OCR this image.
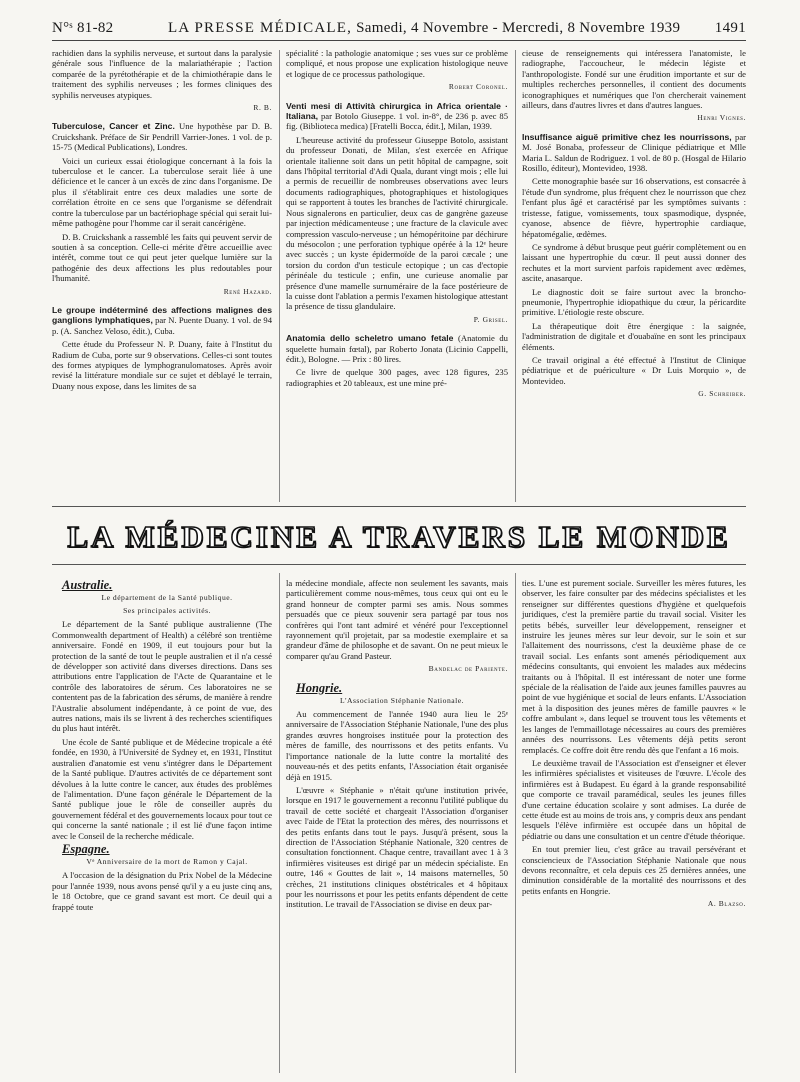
N°ˢ 81-82	LA PRESSE MÉDICALE, Samedi, 4 Novembre - Mercredi, 8 Novembre 1939 1491

rachidien dans la syphilis nerveuse, et surtout dans la paralysie générale sous l'influence de la malariathérapie ; l'action comparée de la pyrétothérapie et de la chimiothérapie dans le traitement des syphilis nerveuses ; les formes cliniques des syphilis nerveuses atypiques.

R. B.

Tuberculose, Cancer et Zinc. Une hypothèse par D. B. Cruickshank. Préface de Sir Pendrill Varrier-Jones. 1 vol. de p. 15-75 (Medical Publications), Londres.

Voici un curieux essai étiologique concernant à la fois la tuberculose et le cancer. La tuberculose serait liée à une déficience et le cancer à un excès de zinc dans l'organisme. De plus il s'établirait entre ces deux maladies une sorte de corrélation étroite en ce sens que l'organisme se défendrait contre la tuberculose par un bactériophage spécial qui serait lui-même pathogène pour l'homme car il serait cancérigène.

D. B. Cruickshank a rassemblé les faits qui peuvent servir de soutien à sa conception. Celle-ci mérite d'être accueillie avec intérêt, comme tout ce qui peut jeter quelque lumière sur la pathogénie des deux affections les plus redoutables pour l'humanité.

René Hazard.

Le groupe indéterminé des affections malignes des ganglions lymphatiques, par N. Puente Duany. 1 vol. de 94 p. (A. Sanchez Veloso, édit.), Cuba.

Cette étude du Professeur N. P. Duany, faite à l'Institut du Radium de Cuba, porte sur 9 observations. Celles-ci sont toutes des formes atypiques de lymphogranulomatoses. Après avoir revisé la littérature mondiale sur ce sujet et déblayé le terrain, Duany nous expose, dans les limites de sa

spécialité : la pathologie anatomique ; ses vues sur ce problème compliqué, et nous propose une explication histologique neuve et logique de ce processus pathologique.

Robert Coronel.

Venti mesi di Attività chirurgica in Africa orientale · Italiana, par Botolo Giuseppe. 1 vol. in-8°, de 236 p. avec 85 fig. (Biblioteca medica) [Fratelli Bocca, édit.], Milan, 1939.

L'heureuse activité du professeur Giuseppe Botolo, assistant du professeur Donati, de Milan, s'est exercée en Afrique orientale italienne soit dans un petit hôpital de campagne, soit dans l'hôpital territorial d'Adi Quala, durant vingt mois ; elle lui a permis de recueillir de nombreuses observations avec leurs documents radiographiques, photographiques et histologiques qui se rapportent à toutes les branches de l'activité chirurgicale. Nous signalerons en particulier, deux cas de gangrène gazeuse par injection médicamenteuse ; une fracture de la clavicule avec compression vasculo-nerveuse ; un hémopéritoine par déchirure du mésocolon ; une perforation typhique opérée à la 12ᵉ heure avec succès ; un kyste épidermoïde de la paroi cæcale ; une torsion du cordon d'un testicule ectopique ; un cas d'ectopie périnéale du testicule ; enfin, une curieuse anomalie par présence d'une mamelle surnuméraire de la face postérieure de la cuisse dont l'ablation a permis l'examen histologique attestant la présence de tissu glandulaire.

P. Grisel.

Anatomia dello scheletro umano fetale (Anatomie du squelette humain fœtal), par Roberto Jonata (Licinio Cappelli, édit.), Bologne. — Prix : 80 lires.

Ce livre de quelque 300 pages, avec 128 figures, 235 radiographies et 20 tableaux, est une mine pré-

cieuse de renseignements qui intéressera l'anatomiste, le radiographe, l'accoucheur, le médecin légiste et l'anthropologiste. Fondé sur une érudition importante et sur de multiples recherches personnelles, il contient des documents iconographiques et numériques que l'on chercherait vainement ailleurs, dans d'autres livres et dans d'autres langues.

Henri Vignes.

Insuffisance aiguë primitive chez les nourrissons, par M. José Bonaba, professeur de Clinique pédiatrique et Mlle Maria L. Saldun de Rodriguez. 1 vol. de 80 p. (Hosgal de Hilario Rosillo, éditeur), Montevideo, 1938.

Cette monographie basée sur 16 observations, est consacrée à l'étude d'un syndrome, plus fréquent chez le nourrisson que chez l'enfant plus âgé et caractérisé par les symptômes suivants : tristesse, fatigue, vomissements, toux spasmodique, dyspnée, cyanose, absence de fièvre, hypertrophie cardiaque, hépatomégalie, œdèmes.

Ce syndrome à début brusque peut guérir complètement ou en laissant une hypertrophie du cœur. Il peut aussi donner des rechutes et la mort survient parfois rapidement avec œdèmes, ascite, anasarque.

Le diagnostic doit se faire surtout avec la broncho-pneumonie, l'hypertrophie idiopathique du cœur, la péricardite primitive. L'étiologie reste obscure.

La thérapeutique doit être énergique : la saignée, l'administration de digitale et d'ouabaïne en sont les principaux éléments.

Ce travail original a été effectué à l'Institut de Clinique pédiatrique et de puériculture « Dr Luis Morquio », de Montevideo.

G. Schreiber.

LA MÉDECINE A TRAVERS LE MONDE

Australie.

Le département de la Santé publique.

Ses principales activités.

Le département de la Santé publique australienne (The Commonwealth department of Health) a célébré son trentième anniversaire. Fondé en 1909, il eut toujours pour but la protection de la santé de tout le peuple australien et il n'a cessé de développer son activité dans diverses directions. Dans ses attributions entre l'application de l'Acte de Quarantaine et le contrôle des laboratoires de sérum. Ces laboratoires ne se contentent pas de la fabrication des sérums, de manière à rendre l'Australie absolument indépendante, à ce point de vue, des autres nations, mais ils se livrent à des recherches scientifiques du plus haut intérêt.

Une école de Santé publique et de Médecine tropicale a été fondée, en 1930, à l'Université de Sydney et, en 1931, l'Institut australien d'anatomie est venu s'intégrer dans le Département de la Santé publique. D'autres activités de ce département sont dévolues à la lutte contre le cancer, aux études des problèmes de l'alimentation. D'une façon générale le Département de la Santé publique joue le rôle de conseiller auprès du gouvernement fédéral et des gouvernements locaux pour tout ce qui concerne la santé nationale ; il est lié d'une façon intime avec le Conseil de la recherche médicale.

Espagne.

Vᵉ Anniversaire de la mort de Ramon y Cajal.

A l'occasion de la désignation du Prix Nobel de la Médecine pour l'année 1939, nous avons pensé qu'il y a eu juste cinq ans, le 18 Octobre, que ce grand savant est mort. Ce deuil qui a frappé toute

la médecine mondiale, affecte non seulement les savants, mais particulièrement comme nous-mêmes, tous ceux qui ont eu le grand honneur de compter parmi ses amis. Nous sommes persuadés que ce pieux souvenir sera partagé par tous nos confrères qui l'ont tant admiré et vénéré pour l'exceptionnel rayonnement qu'il projetait, par sa modestie exemplaire et sa grandeur d'âme de philosophe et de savant. On ne peut mieux le comparer qu'au Grand Pasteur.

Bandelac de Pariente.

Hongrie.

L'Association Stéphanie Nationale.

Au commencement de l'année 1940 aura lieu le 25ᵉ anniversaire de l'Association Stéphanie Nationale, l'une des plus grandes œuvres hongroises instituée pour la protection des mères de famille, des nourrissons et des petits enfants. Vu l'importance nationale de la lutte contre la mortalité des nouveau-nés et des petits enfants, l'Association était organisée déjà en 1915.

L'œuvre « Stéphanie » n'était qu'une institution privée, lorsque en 1917 le gouvernement a reconnu l'utilité publique du travail de cette société et chargeait l'Association d'organiser avec l'aide de l'Etat la protection des mères, des nourrissons et des petits enfants dans tout le pays. Jusqu'à présent, sous la direction de l'Association Stéphanie Nationale, 320 centres de consultation fonctionnent. Chaque centre, travaillant avec 1 à 3 infirmières visiteuses est dirigé par un médecin spécialiste. En outre, 146 « Gouttes de lait », 14 maisons maternelles, 50 crèches, 21 institutions cliniques obstétricales et 4 hôpitaux pour les nourrissons et pour les petits enfants dépendent de cette institution. Le travail de l'Association se divise en deux par-

ties. L'une est purement sociale. Surveiller les mères futures, les observer, les faire consulter par des médecins spécialistes et les renseigner sur différentes questions d'hygiène et quelquefois juridiques, c'est la première partie du travail social. Visiter les petits bébés, surveiller leur développement, renseigner et instruire les jeunes mères sur leur devoir, sur le soin et sur l'allaitement des nourrissons, c'est la deuxième phase de ce travail social. Les enfants sont amenés périodiquement aux médecins consultants, qui envoient les malades aux médecins traitants ou à l'hôpital. Il est intéressant de noter une forme spéciale de la réalisation de l'aide aux jeunes familles pauvres au point de vue hygiénique et social de leurs enfants. L'Association met à la disposition des jeunes mères de famille pauvres « le coffre ambulant », dans lequel se trouvent tous les vêtements et les langes de l'emmaillotage nécessaires au cours des premières années des nourrissons. Les vêtements déjà petits seront remplacés. Ce coffre doit être rendu dès que l'enfant a 16 mois.

Le deuxième travail de l'Association est d'enseigner et élever les infirmières spécialistes et visiteuses de l'œuvre. L'école des infirmières est à Budapest. Eu égard à la grande responsabilité que comporte ce travail paramédical, seules les jeunes filles d'une certaine éducation scolaire y sont admises. La durée de cette étude est au moins de trois ans, y compris deux ans pendant lesquels l'élève infirmière est occupée dans un hôpital de pédiatrie ou dans une consultation et un centre d'étude théorique.

En tout premier lieu, c'est grâce au travail persévérant et consciencieux de l'Association Stéphanie Nationale que nous devons reconnaître, et cela depuis ces 25 dernières années, une diminution considérable de la mortalité des nourrissons et des petits enfants en Hongrie.

A. Blazso.
